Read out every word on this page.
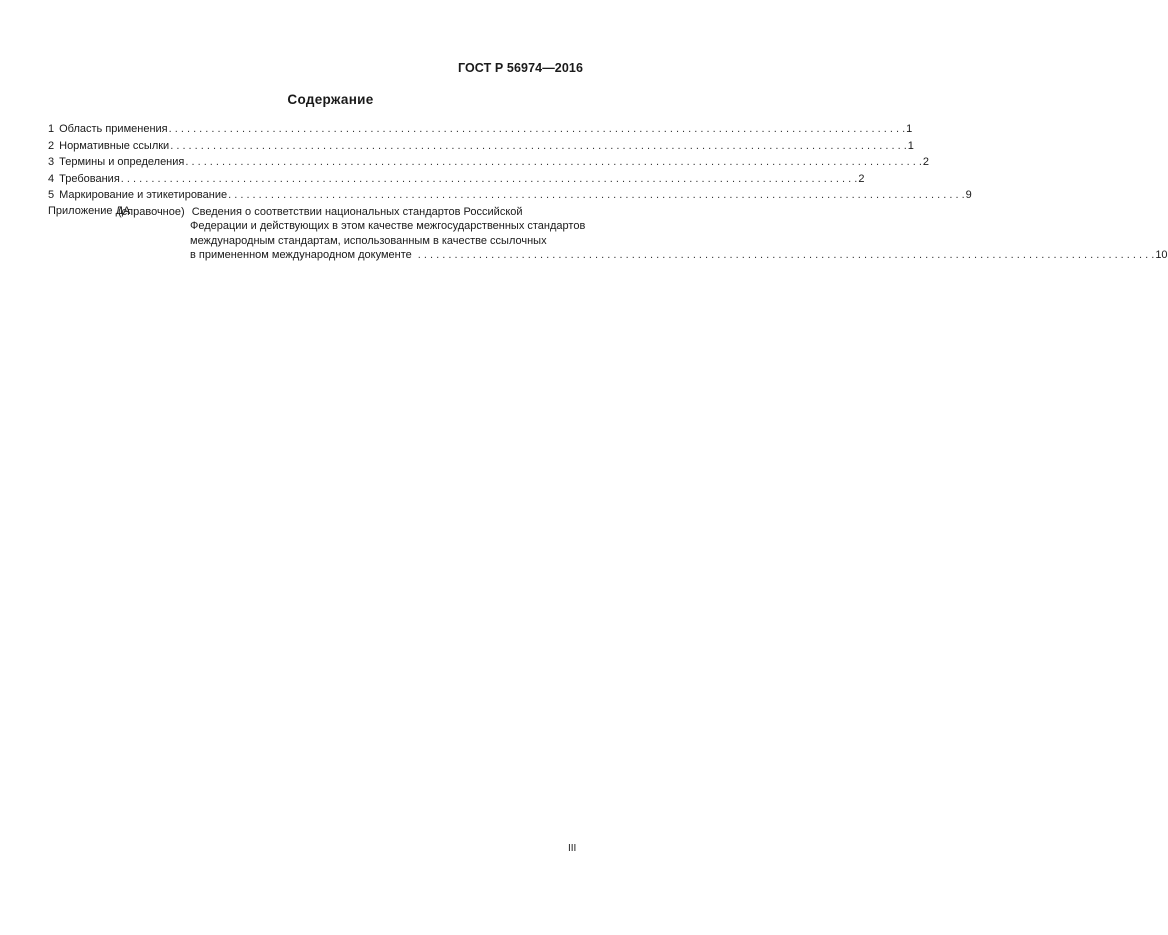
ГОСТ Р 56974—2016
Содержание
1 Область применения . . .	1
2 Нормативные ссылки . . .	1
3 Термины и определения . . .	2
4 Требования . . .	2
5 Маркирование и этикетирование . . .	9
Приложение ДА
(справочное) Сведения о соответствии национальных стандартов Российской
Федерации и действующих в этом качестве межгосударственных стандартов
международным стандартам, использованным в качестве ссылочных
в примененном международном документе . . .	10
III
